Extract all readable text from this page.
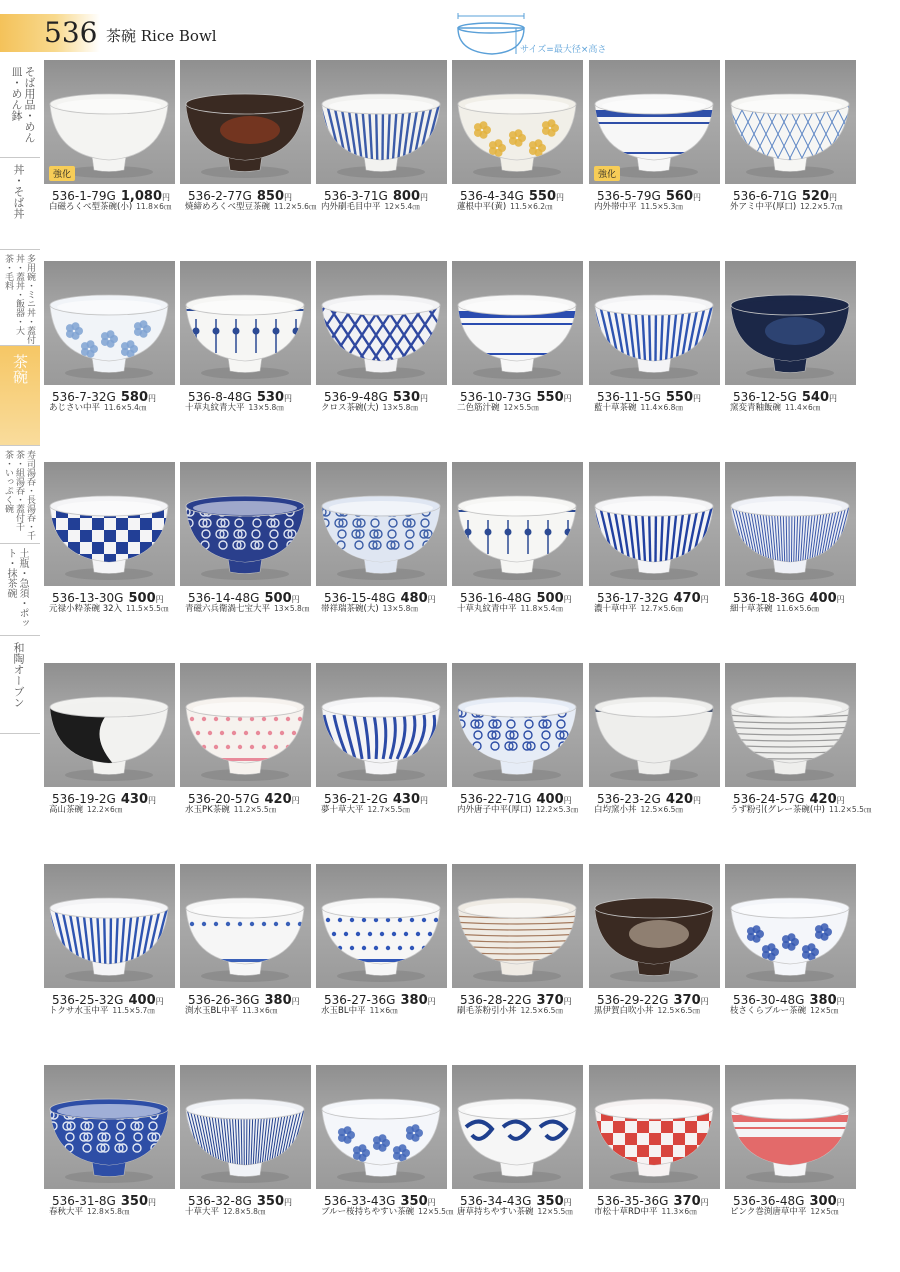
536 茶碗 Rice Bowl
サイズ=最大径×高さ
そば用品・めん皿・めん鉢
丼・そば丼
多用碗・ミニ丼・蓋付丼・蓋丼・飯器・大茶・毛料
茶碗
寿司湯呑・長湯呑・千茶・組湯呑・蓋付千茶・いっぷく碗
土瓶・急須・ポット・抹茶碗
和陶オーブン
強化
536-1-79G 1,080円
白磁ろくべ型茶碗(小) 11.8×6㎝
536-2-77G 850円
焼締めろくべ型豆茶碗 11.2×5.6㎝
536-3-71G 800円
内外刷毛目中平 12×5.4㎝
536-4-34G 550円
蓮根中平(黄) 11.5×6.2㎝
強化
536-5-79G 560円
内外帯中平 11.5×5.3㎝
536-6-71G 520円
外アミ中平(厚口) 12.2×5.7㎝
536-7-32G 580円
あじさい中平 11.6×5.4㎝
536-8-48G 530円
十草丸紋青大平 13×5.8㎝
536-9-48G 530円
クロス茶碗(大) 13×5.8㎝
536-10-73G 550円
二色筋汁碗 12×5.5㎝
536-11-5G 550円
藍十草茶碗 11.4×6.8㎝
536-12-5G 540円
窯変青釉飯碗 11.4×6㎝
536-13-30G 500円
元禄小粋茶碗 32入 11.5×5.5㎝
536-14-48G 500円
青磁六兵衛渦七宝大平 13×5.8㎝
536-15-48G 480円
帯祥瑞茶碗(大) 13×5.8㎝
536-16-48G 500円
十草丸紋青中平 11.8×5.4㎝
536-17-32G 470円
濃十草中平 12.7×5.6㎝
536-18-36G 400円
細十草茶碗 11.6×5.6㎝
536-19-2G 430円
高山茶碗 12.2×6㎝
536-20-57G 420円
水玉PK茶碗 11.2×5.5㎝
536-21-2G 430円
夢十草大平 12.7×5.5㎝
536-22-71G 400円
内外唐子中平(厚口) 12.2×5.3㎝
536-23-2G 420円
白均窯小丼 12.5×6.5㎝
536-24-57G 420円
うず粉引(グレー茶碗(中) 11.2×5.5㎝
536-25-32G 400円
トクサ水玉中平 11.5×5.7㎝
536-26-36G 380円
渕水玉BL中平 11.3×6㎝
536-27-36G 380円
水玉BL中平 11×6㎝
536-28-22G 370円
刷毛茶粉引小丼 12.5×6.5㎝
536-29-22G 370円
黒伊賀白吹小丼 12.5×6.5㎝
536-30-48G 380円
枝さくらブルー茶碗 12×5㎝
536-31-8G 350円
春秋大平 12.8×5.8㎝
536-32-8G 350円
十草大平 12.8×5.8㎝
536-33-43G 350円
ブルー桜持ちやすい茶碗 12×5.5㎝
536-34-43G 350円
唐草持ちやすい茶碗 12×5.5㎝
536-35-36G 370円
市松十草RD中平 11.3×6㎝
536-36-48G 300円
ピンク巻渕唐草中平 12×5㎝
